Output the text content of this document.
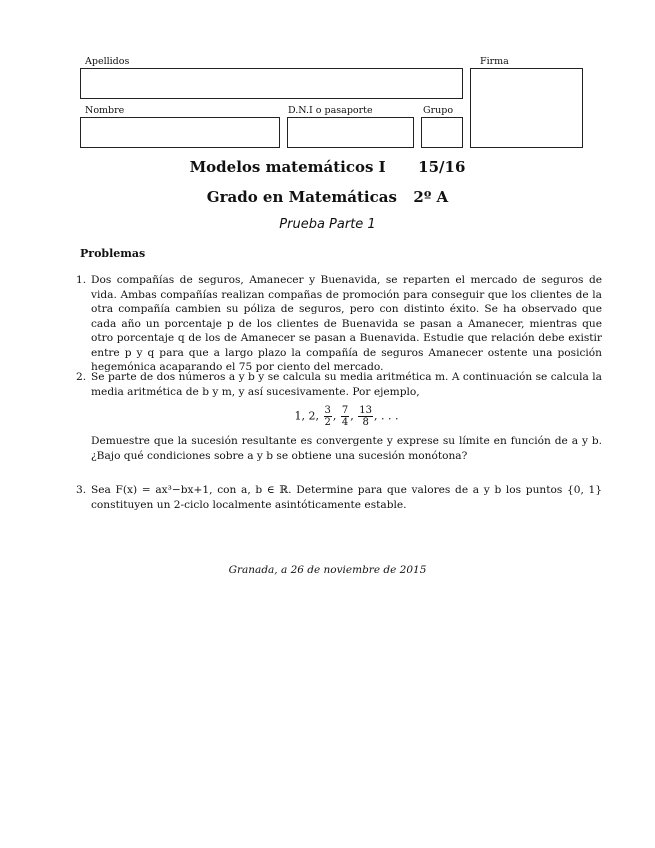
Apellidos	Firma
Nombre	D.N.I o pasaporte	Grupo
Modelos matemáticos I 15/16
Grado en Matemáticas 2º A
Prueba Parte 1
Problemas
1. Dos compañías de seguros, Amanecer y Buenavida, se reparten el mercado de seguros de vida. Ambas compañías realizan compañas de promoción para conseguir que los clientes de la otra compañía cambien su póliza de seguros, pero con distinto éxito. Se ha observado que cada año un porcentaje p de los clientes de Buenavida se pasan a Amanecer, mientras que otro porcentaje q de los de Amanecer se pasan a Buenavida. Estudie que relación debe existir entre p y q para que a largo plazo la compañía de seguros Amanecer ostente una posición hegemónica acaparando el 75 por ciento del mercado.
2. Se parte de dos números a y b y se calcula su media aritmética m. A continuación se calcula la media aritmética de b y m, y así sucesivamente. Por ejemplo,
1, 2, $\frac{3}{2}$ , $\frac{7}{4}$ , $\frac{13}{8}$ , . . .
Demuestre que la sucesión resultante es convergente y exprese su límite en función de a y b. ¿Bajo qué condiciones sobre a y b se obtiene una sucesión monótona?
3. Sea F(x) = ax³−bx+1, con a, b ∈ ℝ. Determine para que valores de a y b los puntos {0, 1} constituyen un 2-ciclo localmente asintóticamente estable.
Granada, a 26 de noviembre de 2015
